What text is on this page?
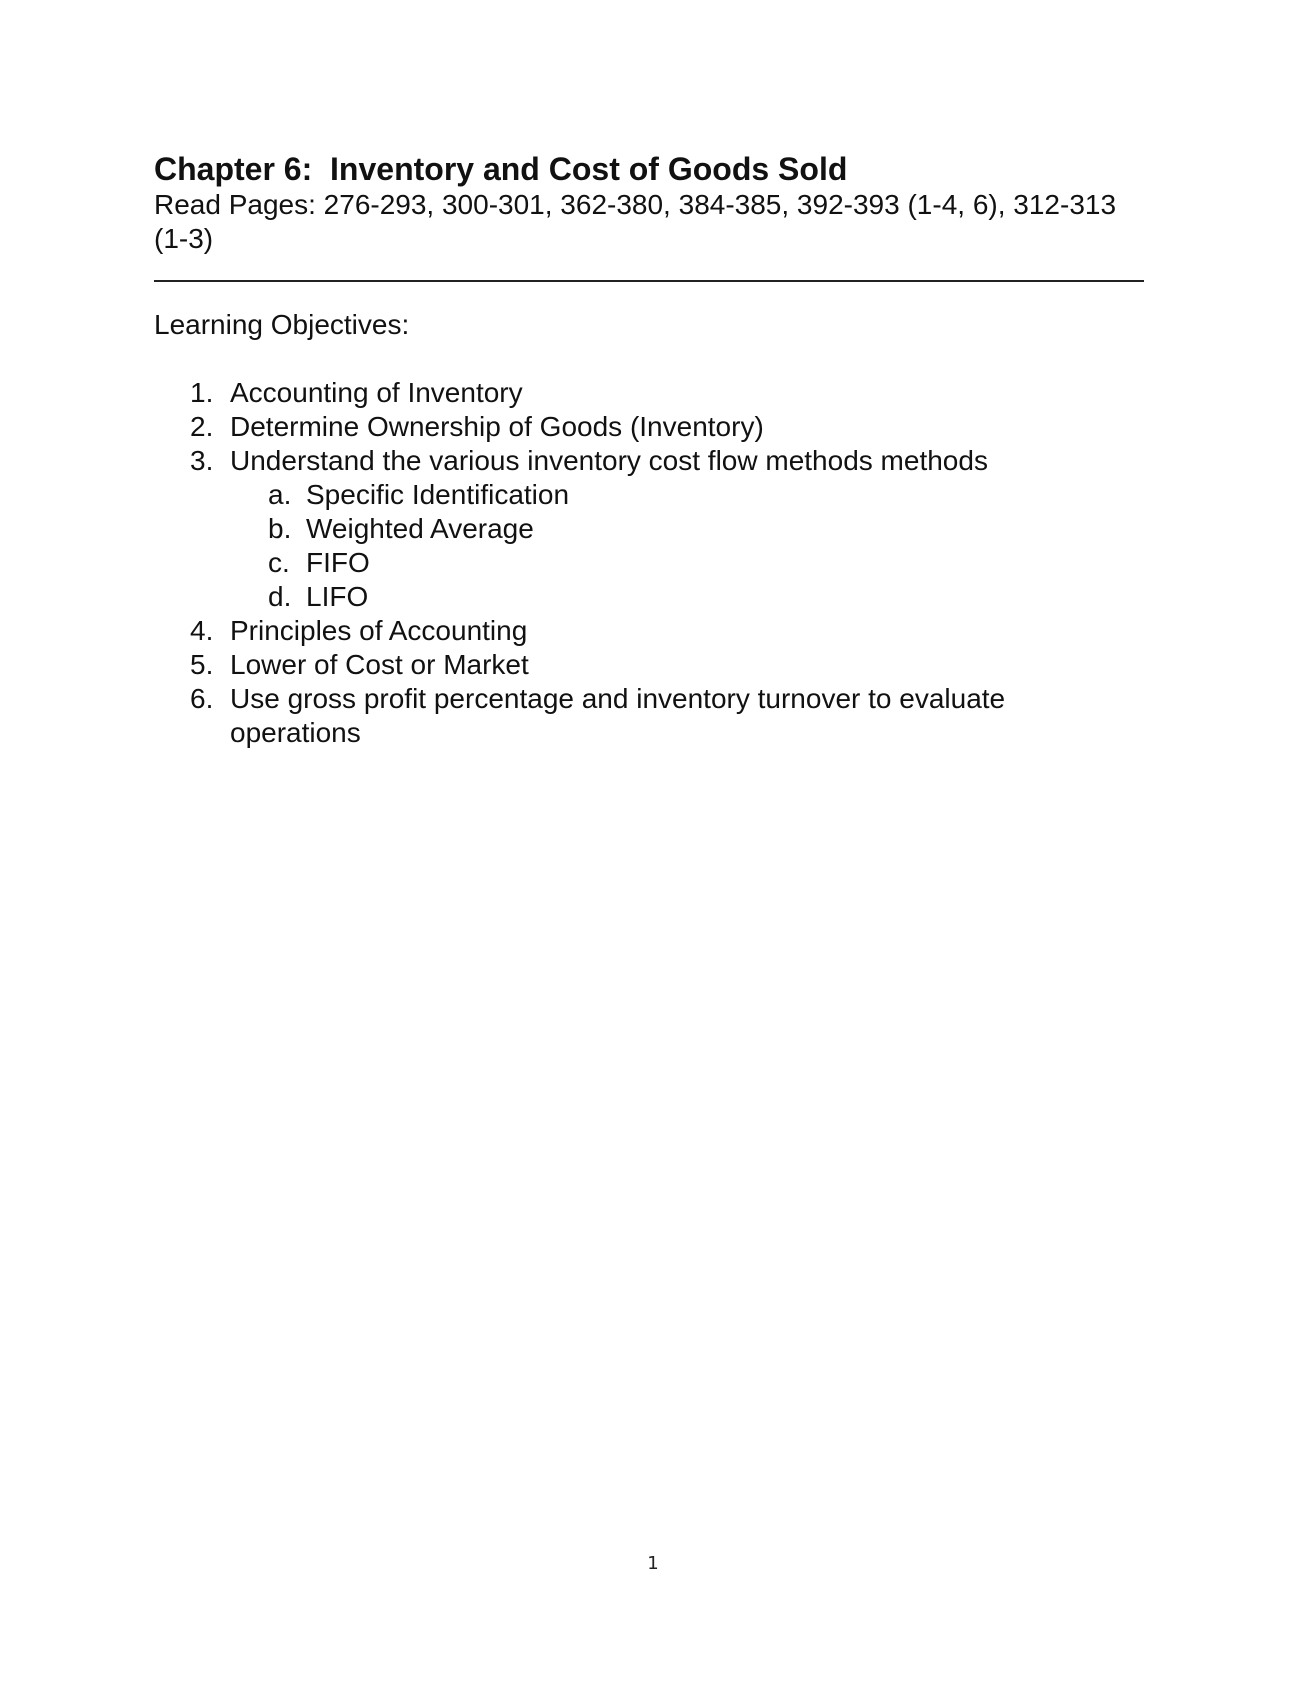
Chapter 6:  Inventory and Cost of Goods Sold

Read Pages: 276-293, 300-301, 362-380, 384-385, 392-393 (1-4, 6), 312-313 (1-3)

Learning Objectives:

1. Accounting of Inventory
2. Determine Ownership of Goods (Inventory)
3. Understand the various inventory cost flow methods methods
a. Specific Identification
b. Weighted Average
c. FIFO
d. LIFO
4. Principles of Accounting
5. Lower of Cost or Market
6. Use gross profit percentage and inventory turnover to evaluate operations
1
